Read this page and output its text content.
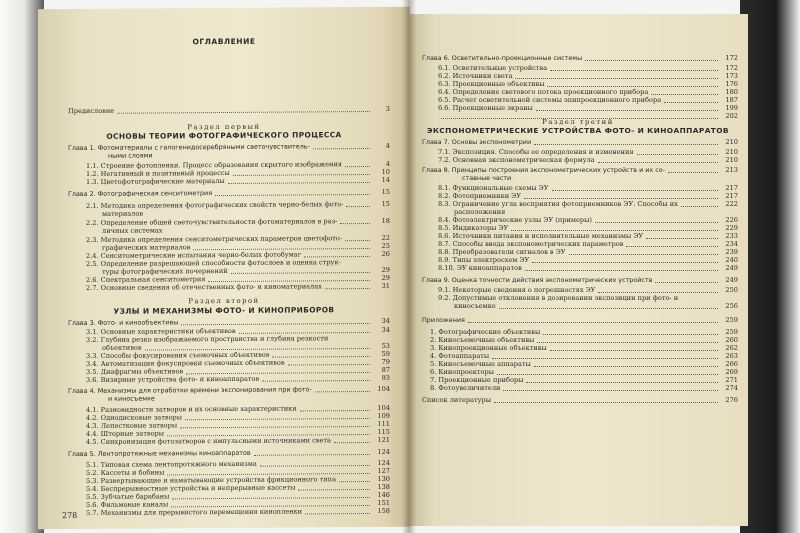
ОГЛАВЛЕНИЕ
278
Предисловие	3
Раздел первый
ОСНОВЫ ТЕОРИИ ФОТОГРАФИЧЕСКОГО ПРОЦЕССА
Глава 1. Фотоматериалы с галогенидосеребряными светочувствитель-	4
ными слоями
1.1. Строение фотопленки. Процесс образования скрытого изображения	4
1.2. Негативный и позитивный процессы	10
1.3. Цветофотографические материалы	14
Глава 2. Фотографическая сенситометрия	15
2.1. Методика определения фотографических свойств черно-белых фото-	15
материалов
2.2. Определение общей светочувствительности фотоматериалов в раз-	18
личных системах
2.3. Методика определения сенситометрических параметров цветофото-	22
графических материалов	25
2.4. Сенситометрические испытания черно-белых фотобумаг	26
2.5. Определение разрешающей способности фотослоев и оценка струк-
туры фотографических почернений	29
2.6. Спектральная сенситометрия	29
2.7. Основные сведения об отечественных фото- и киноматериалах	31
Раздел второй
УЗЛЫ И МЕХАНИЗМЫ ФОТО- И КИНОПРИБОРОВ
Глава 3. Фото- и кинообъективы	34
3.1. Основные характеристики объективов	34
3.2. Глубина резко изображаемого пространства и глубина резкости
объективов	53
3.3. Способы фокусирования съемочных объективов	59
3.4. Автоматизация фокусировки съемочных объективов	79
3.5. Диафрагмы объективов	87
3.6. Визирные устройства фото- и киноаппаратов	93
Глава 4. Механизмы для отработки времени экспонирования при фото-	104
и киносъемке
4.1. Разновидности затворов и их основные характеристики	104
4.2. Однодисковые затворы	109
4.3. Лепестковые затворы	111
4.4. Шторные затворы	115
4.5. Синхронизация фотозатворов с импульсными источниками света	121
Глава 5. Лентопротяжные механизмы киноаппаратов	124
5.1. Типовая схема лентопротяжного механизма	124
5.2. Кассеты и бобины	127
5.3. Развертывающие и наматывающие устройства фрикционного типа	130
5.4. Беспрерывностные устройства и непрерывные кассеты	138
5.5. Зубчатые барабаны	146
5.6. Фильмовые каналы	151
5.7. Механизмы для прерывистого перемещения кинопленки	158
Глава 6. Осветительно-проекционные системы	172
6.1. Осветительные устройства	172
6.2. Источники света	173
6.3. Проекционные объективы	176
6.4. Определение светового потока проекционного прибора	180
6.5. Расчет осветительной системы эпипроекционного прибора	187
6.6. Проекционные экраны	199
202
Раздел третий
ЭКСПОНОМЕТРИЧЕСКИЕ УСТРОЙСТВА ФОТО- И КИНОАППАРАТОВ
Глава 7. Основы экспонометрии	210
7.1. Экспозиция. Способы ее определения и изменения	210
7.2. Основная экспонометрическая формула	210
Глава 8. Принципы построения экспонометрических устройств и их со-	213
ставные части
8.1. Функциональные схемы ЭУ	217
8.2. Фотоприемники ЭУ	217
8.3. Ограничение угла восприятия фотоприемников ЭУ. Способы их	222
расположения
8.4. Фотоэлектрические узлы ЭУ (примеры)	226
8.5. Индикаторы ЭУ	229
8.6. Источники питания и исполнительные механизмы ЭУ	233
8.7. Способы ввода экспонометрических параметров	234
8.8. Преобразователи сигналов в ЭУ	239
8.9. Типы электросхем ЭУ	240
8.10. ЭУ киноаппаратов	249
Глава 9. Оценка точности действия экспонометрических устройств	249
9.1. Некоторые сведения о погрешностях ЭУ	250
9.2. Допустимые отклонения в дозировании экспозиции при фото- и
киносъемке	256
Приложения	259
1. Фотографические объективы	259
2. Киносъемочные объективы	260
3. Кинопроекционные объективы	262
4. Фотоаппараты	263
5. Киносъемочные аппараты	266
6. Кинопроекторы	269
7. Проекционные приборы	271
8. Фотоувеличители	274
Список литературы	276
